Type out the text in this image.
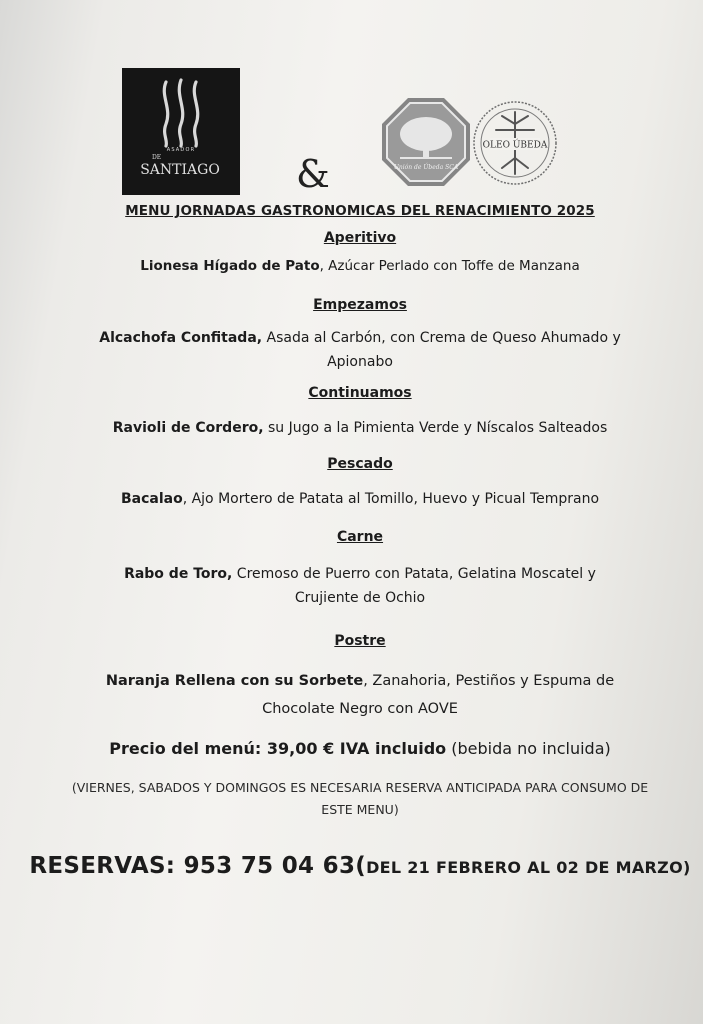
ASADOR
DE
SANTIAGO &	Unión de Úbeda SCA
OLEO ÚBEDA
MENU JORNADAS GASTRONOMICAS DEL RENACIMIENTO 2025
Aperitivo
Lionesa Hígado de Pato, Azúcar Perlado con Toffe de Manzana
Empezamos
Alcachofa Confitada, Asada al Carbón, con Crema de Queso Ahumado y
Apionabo
Continuamos
Ravioli de Cordero, su Jugo a la Pimienta Verde y Níscalos Salteados
Pescado
Bacalao, Ajo Mortero de Patata al Tomillo, Huevo y Picual Temprano
Carne
Rabo de Toro, Cremoso de Puerro con Patata, Gelatina Moscatel y
Crujiente de Ochio
Postre
Naranja Rellena con su Sorbete, Zanahoria, Pestiños y Espuma de
Chocolate Negro con AOVE
Precio del menú: 39,00 € IVA incluido (bebida no incluida)
(VIERNES, SABADOS Y DOMINGOS ES NECESARIA RESERVA ANTICIPADA PARA CONSUMO DE
ESTE MENU)
RESERVAS: 953 75 04 63(DEL 21 FEBRERO AL 02 DE MARZO)
